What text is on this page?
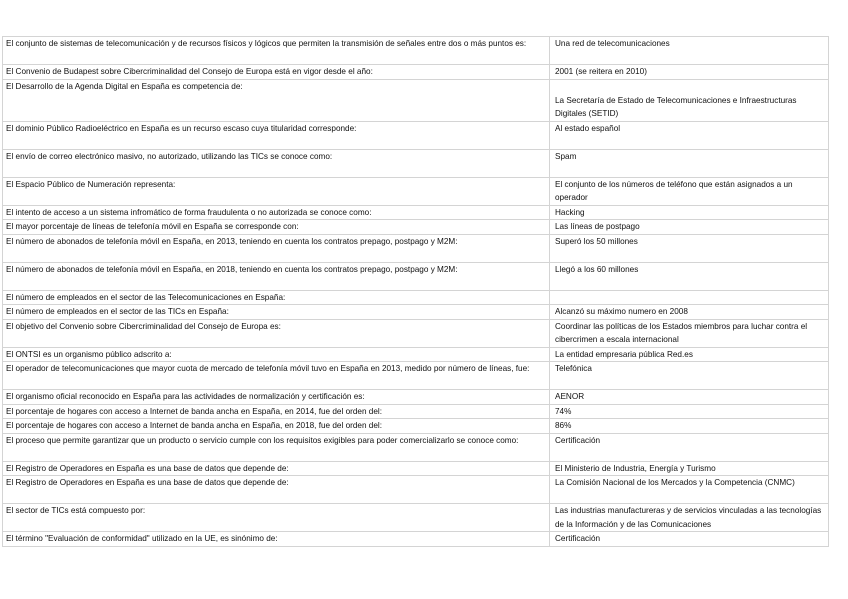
El conjunto de sistemas de telecomunicación y de recursos físicos y lógicos que permiten la transmisión de señales entre dos o más puntos es:	Una red de telecomunicaciones
El Convenio de Budapest sobre Cibercriminalidad del Consejo de Europa está en vigor desde el año:	2001 (se reitera en 2010)
El Desarrollo de la Agenda Digital en España es competencia de:	La Secretaría de Estado de Telecomunicaciones e Infraestructuras Digitales (SETID)
El dominio Público Radioeléctrico en España es un recurso escaso cuya titularidad corresponde:	Al estado español
El envío de correo electrónico masivo, no autorizado, utilizando las TICs se conoce como:	Spam
El Espacio Público de Numeración representa:	El conjunto de los números de teléfono que están asignados a un operador
El intento de acceso a un sistema infromático de forma fraudulenta o no autorizada se conoce como:	Hacking
El mayor porcentaje de líneas de telefonía móvil en España se corresponde con:	Las líneas de postpago
El número de abonados de telefonía móvil en España, en 2013, teniendo en cuenta los contratos prepago, postpago y M2M:	Superó los 50 millones
El número de abonados de telefonía móvil en España, en 2018, teniendo en cuenta los contratos prepago, postpago y M2M:	Llegó a los 60 millones
El número de empleados en el sector de las Telecomunicaciones en España:	
El número de empleados en el sector de las TICs en España:	Alcanzó su máximo numero en 2008
El objetivo del Convenio sobre Cibercriminalidad del Consejo de Europa es:	Coordinar las políticas de los Estados miembros para luchar contra el cibercrimen a escala internacional
El ONTSI es un organismo público adscrito a:	La entidad empresaria pública Red.es
El operador de telecomunicaciones que mayor cuota de mercado de telefonía móvil tuvo en España en 2013, medido por número de líneas, fue:	Telefónica
El organismo oficial reconocido en España para las actividades de normalización y certificación es:	AENOR
El porcentaje de hogares con acceso a Internet de banda ancha en España, en 2014, fue del orden del:	74%
El porcentaje de hogares con acceso a Internet de banda ancha en España, en 2018, fue del orden del:	86%
El proceso que permite garantizar que un producto o servicio cumple con los requisitos exigibles para poder comercializarlo se conoce como:	Certificación
El Registro de Operadores en España es una base de datos que depende de:	El Ministerio de Industria, Energía y Turismo
El Registro de Operadores en España es una base de datos que depende de:	La Comisión Nacional de los Mercados y la Competencia (CNMC)
El sector de TICs está compuesto por:	Las industrias manufactureras y de servicios vinculadas a las tecnologías de la Información y de las Comunicaciones
El término "Evaluación de conformidad" utilizado en la UE, es sinónimo de:	Certificación
